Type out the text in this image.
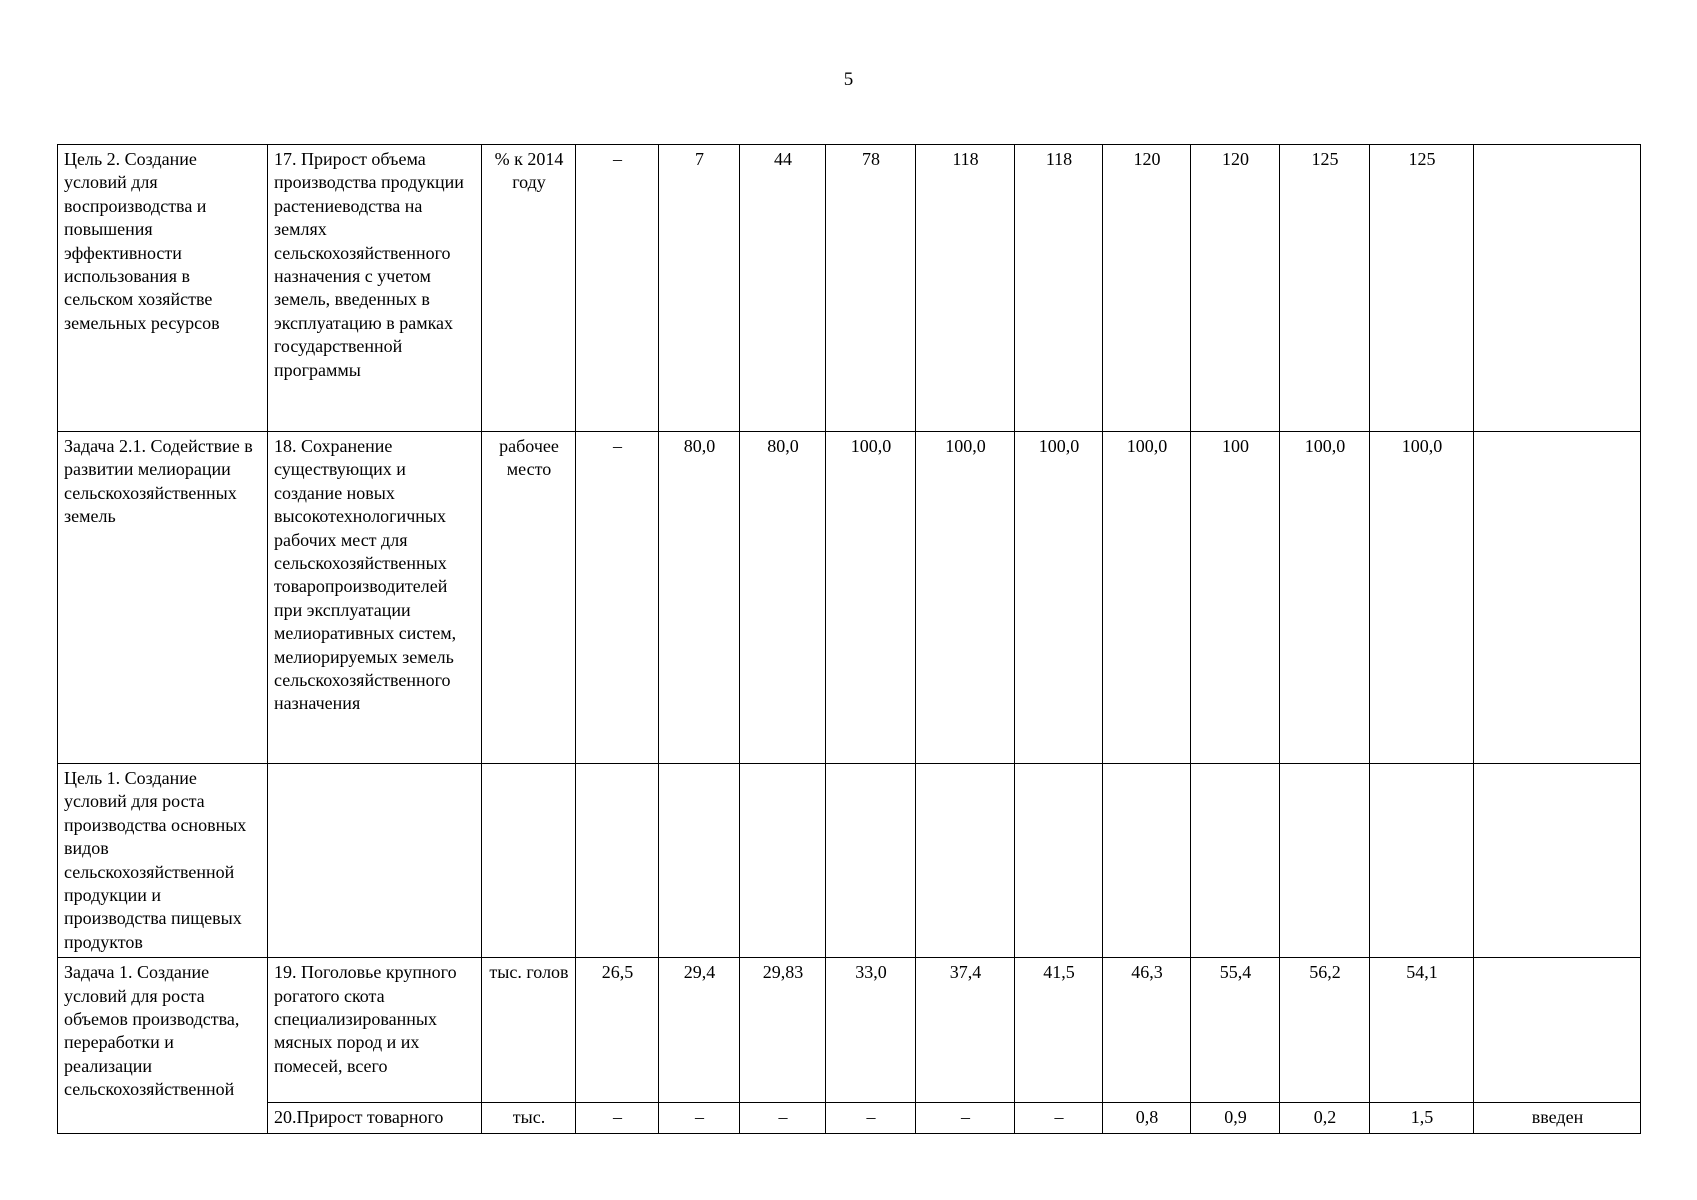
5
Цель 2. Создание условий для воспроизводства и повышения эффективности использования в сельском хозяйстве земельных ресурсов	17. Прирост объема производства продукции растениеводства на землях сельскохозяйственного назначения с учетом земель, введенных в эксплуатацию в рамках государственной программы	% к 2014 году	–	7	44	78	118	118	120	120	125	125	
Задача 2.1. Содействие в развитии мелиорации сельскохозяйственных земель	18. Сохранение существующих и создание новых высокотехнологичных рабочих мест для сельскохозяйственных товаропроизводителей при эксплуатации мелиоративных систем, мелиорируемых земель сельскохозяйственного назначения	рабочее место	–	80,0	80,0	100,0	100,0	100,0	100,0	100	100,0	100,0	
Цель 1. Создание условий для роста производства основных видов сельскохозяйственной продукции и производства пищевых продуктов													
Задача 1. Создание условий для роста объемов производства, переработки и реализации сельскохозяйственной	19. Поголовье крупного рогатого скота специализированных мясных пород и их помесей, всего	тыс. голов	26,5	29,4	29,83	33,0	37,4	41,5	46,3	55,4	56,2	54,1	
	20.Прирост товарного	тыс.	–	–	–	–	–	–	0,8	0,9	0,2	1,5	введен
